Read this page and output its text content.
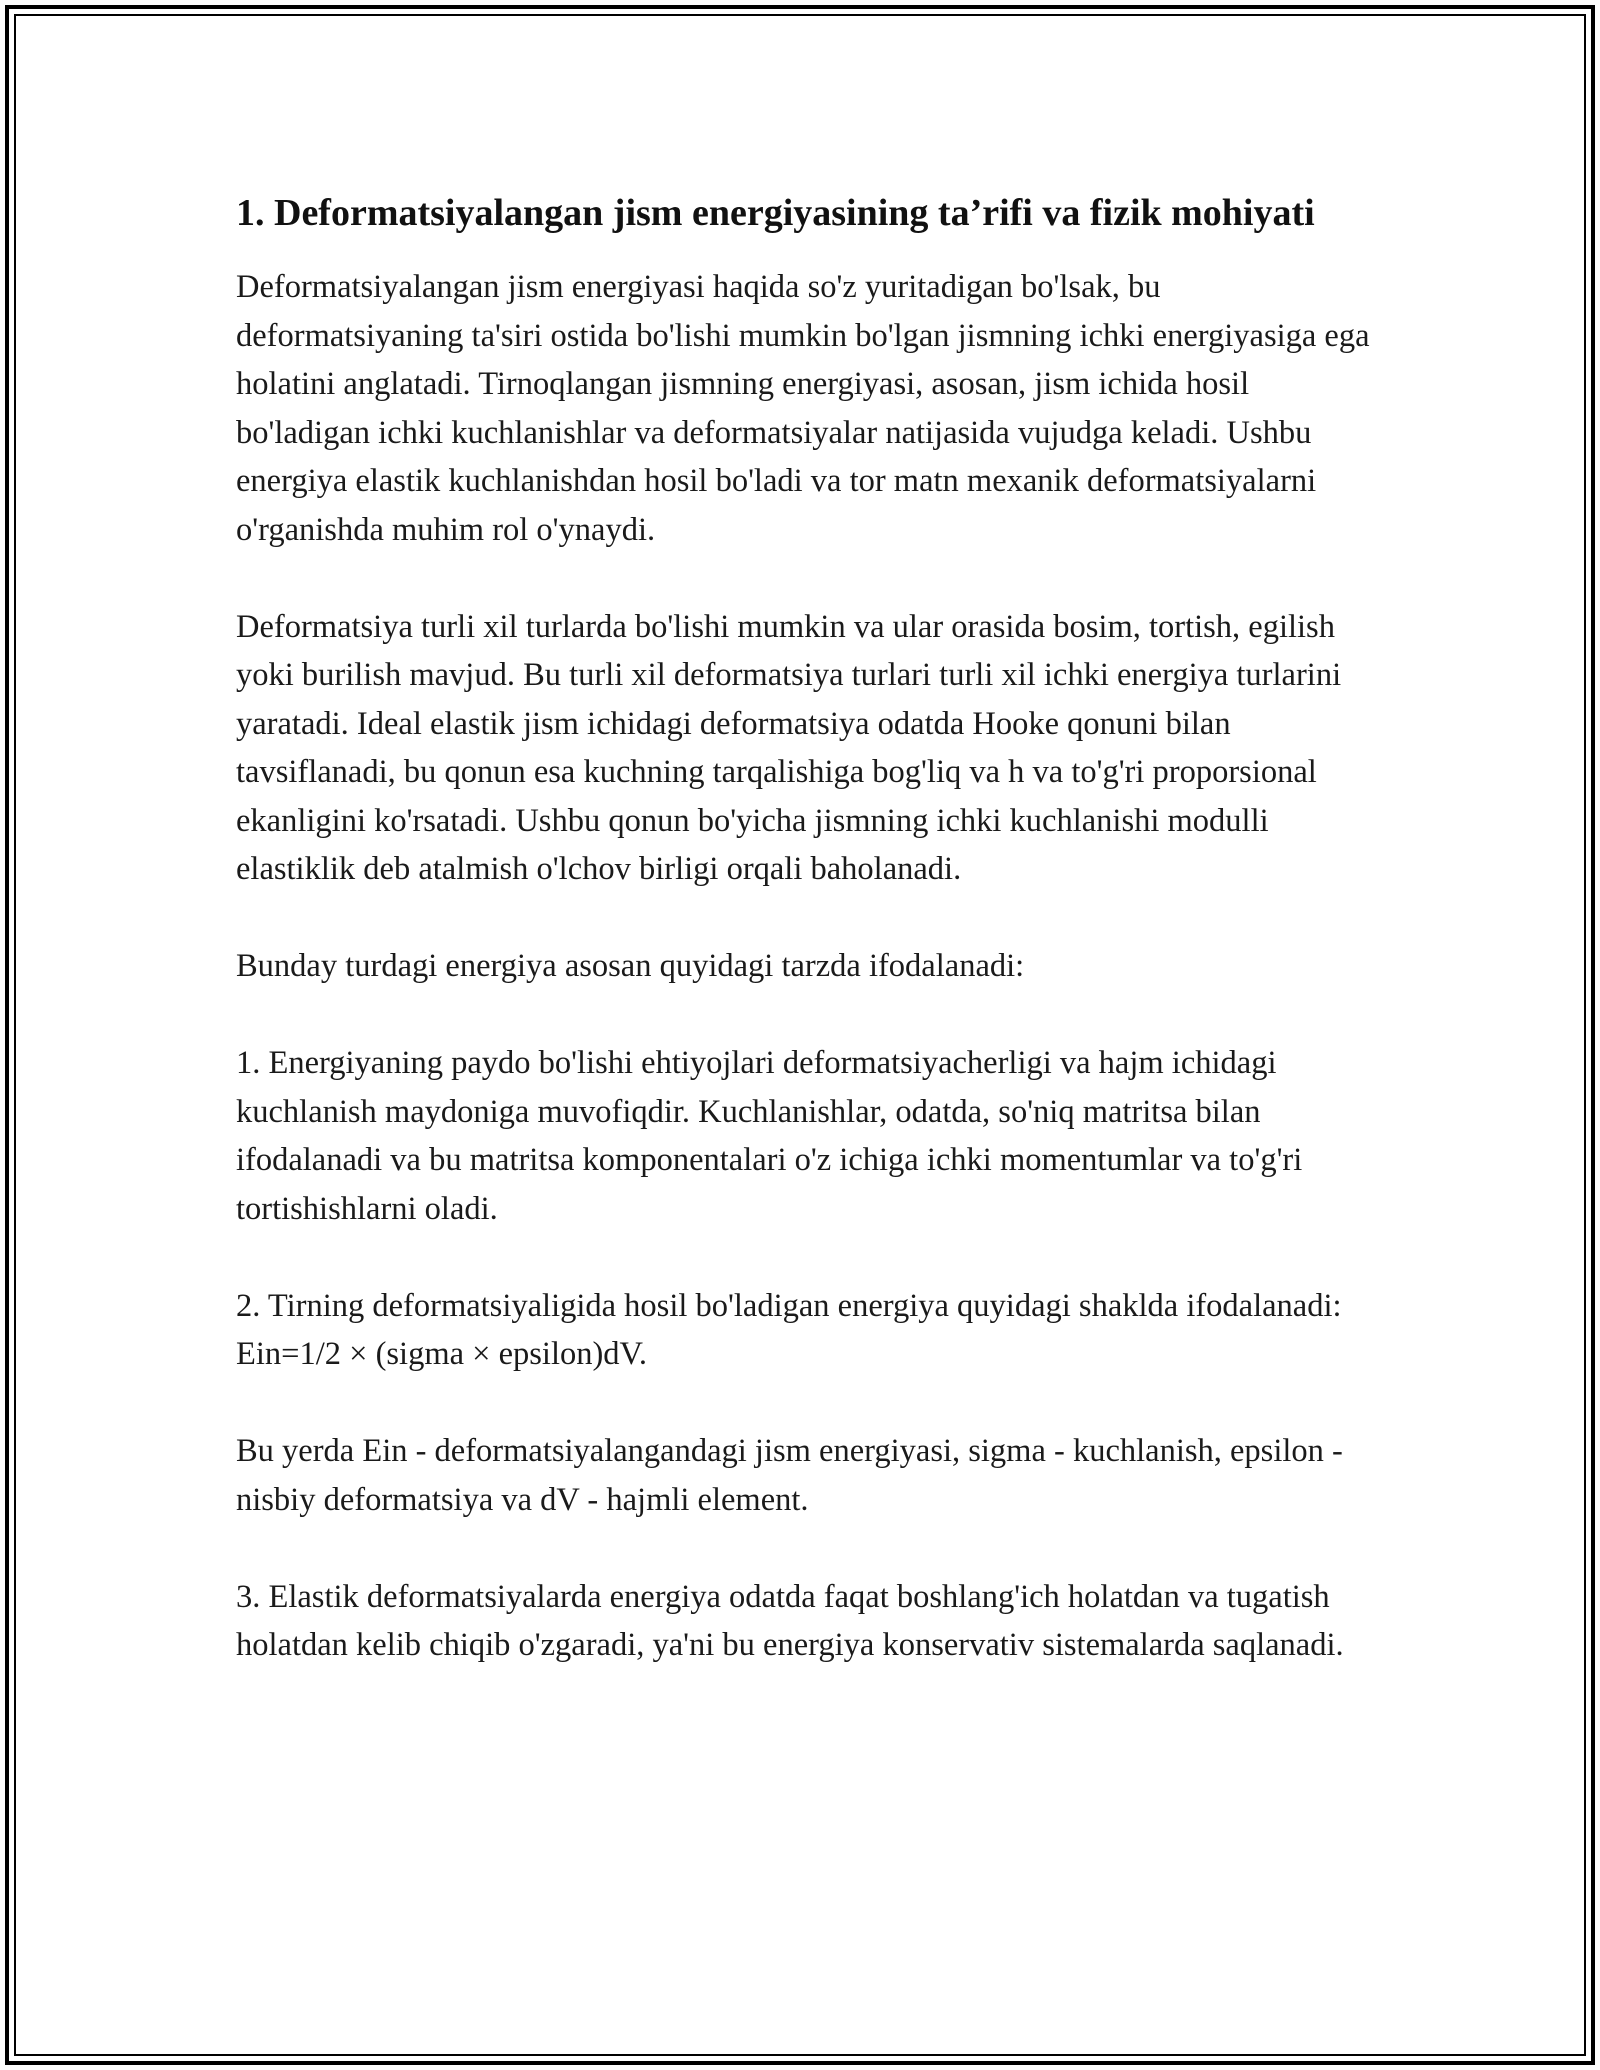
1. Deformatsiyalangan jism energiyasining ta’rifi va fizik mohiyati

Deformatsiyalangan jism energiyasi haqida so'z yuritadigan bo'lsak, bu deformatsiyaning ta'siri ostida bo'lishi mumkin bo'lgan jismning ichki energiyasiga ega holatini anglatadi. Tirnoqlangan jismning energiyasi, asosan, jism ichida hosil bo'ladigan ichki kuchlanishlar va deformatsiyalar natijasida vujudga keladi. Ushbu energiya elastik kuchlanishdan hosil bo'ladi va tor matn mexanik deformatsiyalarni o'rganishda muhim rol o'ynaydi.

Deformatsiya turli xil turlarda bo'lishi mumkin va ular orasida bosim, tortish, egilish yoki burilish mavjud. Bu turli xil deformatsiya turlari turli xil ichki energiya turlarini yaratadi. Ideal elastik jism ichidagi deformatsiya odatda Hooke qonuni bilan tavsiflanadi, bu qonun esa kuchning tarqalishiga bog'liq va h va to'g'ri proporsional ekanligini ko'rsatadi. Ushbu qonun bo'yicha jismning ichki kuchlanishi modulli elastiklik deb atalmish o'lchov birligi orqali baholanadi.

Bunday turdagi energiya asosan quyidagi tarzda ifodalanadi:

1. Energiyaning paydo bo'lishi ehtiyojlari deformatsiyacherligi va hajm ichidagi kuchlanish maydoniga muvofiqdir. Kuchlanishlar, odatda, so'niq matritsa bilan ifodalanadi va bu matritsa komponentalari o'z ichiga ichki momentumlar va to'g'ri tortishishlarni oladi.

2. Tirning deformatsiyaligida hosil bo'ladigan energiya quyidagi shaklda ifodalanadi: Ein=1/2 × (sigma × epsilon)dV.

Bu yerda Ein - deformatsiyalangandagi jism energiyasi, sigma - kuchlanish, epsilon - nisbiy deformatsiya va dV - hajmli element.

3. Elastik deformatsiyalarda energiya odatda faqat boshlang'ich holatdan va tugatish holatdan kelib chiqib o'zgaradi, ya'ni bu energiya konservativ sistemalarda saqlanadi.
